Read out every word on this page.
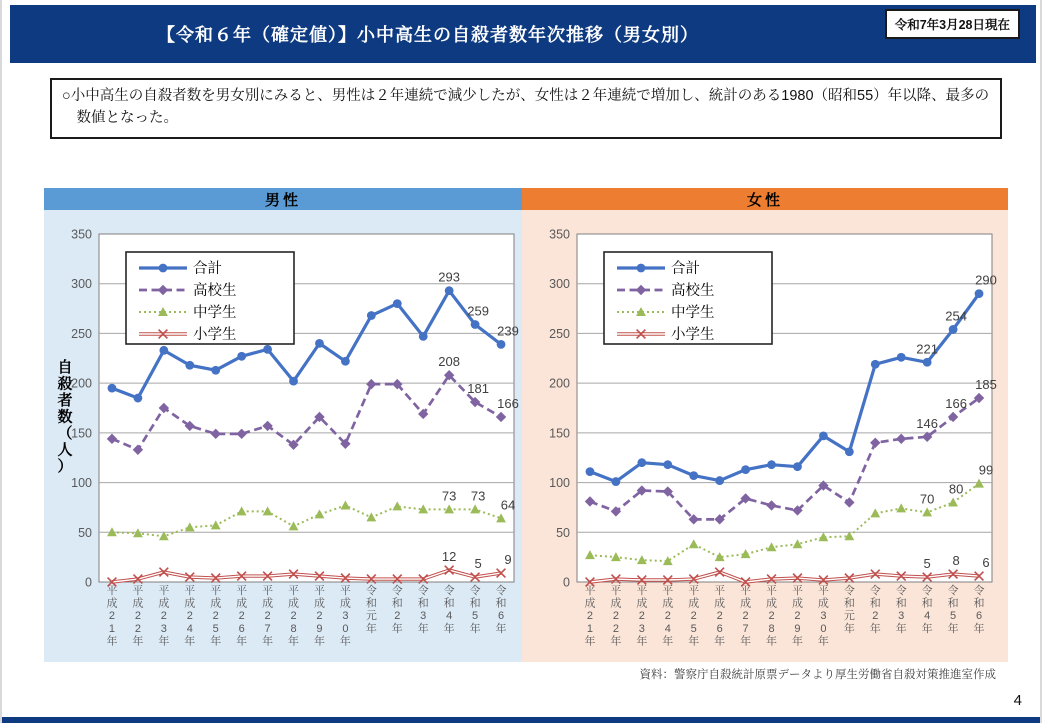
【令和６年（確定値）】小中高生の自殺者数年次推移（男女別）	令和7年3月28日現在

○小中高生の自殺者数を男女別にみると、男性は２年連続で減少したが、女性は２年連続で増加し、統計のある1980（昭和55）年以降、最多の数値となった。

男性
0
50
100
150
200
250
300
350
平成 2 1 年
平成 2 2 年
平成 2 3 年
平成 2 4 年
平成 2 5 年
平成 2 6 年
平成 2 7 年
平成 2 8 年
平成 2 9 年
平成 3 0 年
令和元年
令和 2 年
令和 3 年
令和 4 年
令和 5 年
令和 6 年
自殺者数（人）
12 5 9
73 73
64
208
181
166
293
259
239
合計
高校生
中学生
小学生
女性
0
50
100
150
200
250
300
350
平成 2 1 年
平成 2 2 年
平成 2 3 年
平成 2 4 年
平成 2 5 年
平成 2 6 年
平成 2 7 年
平成 2 8 年
平成 2 9 年
平成 3 0 年
令和元年
令和 2 年
令和 3 年
令和 4 年
令和 5 年
令和 6 年
5 8 6
70
80
99
146
166
185
221
254
290
合計
高校生
中学生
小学生
資料：警察庁自殺統計原票データより厚生労働省自殺対策推進室作成
4
